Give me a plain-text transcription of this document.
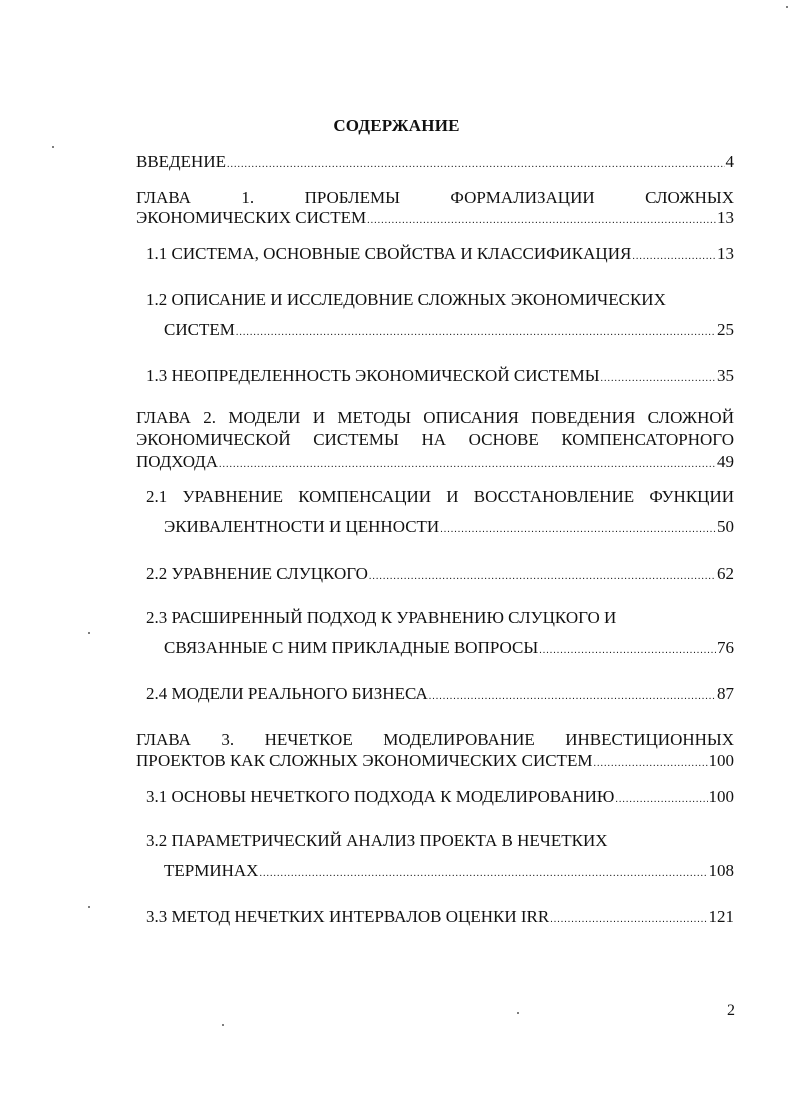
СОДЕРЖАНИЕ
ВВЕДЕНИЕ .....	4
ГЛАВА 1. ПРОБЛЕМЫ ФОРМАЛИЗАЦИИ СЛОЖНЫХ
ЭКОНОМИЧЕСКИХ СИСТЕМ .....	13
1.1 СИСТЕМА, ОСНОВНЫЕ СВОЙСТВА И КЛАССИФИКАЦИЯ .....	13
1.2 ОПИСАНИЕ И ИССЛЕДОВНИЕ СЛОЖНЫХ ЭКОНОМИЧЕСКИХ
СИСТЕМ .....	25
1.3 НЕОПРЕДЕЛЕННОСТЬ ЭКОНОМИЧЕСКОЙ СИСТЕМЫ .....	35
ГЛАВА 2. МОДЕЛИ И МЕТОДЫ ОПИСАНИЯ ПОВЕДЕНИЯ СЛОЖНОЙ
ЭКОНОМИЧЕСКОЙ СИСТЕМЫ НА ОСНОВЕ КОМПЕНСАТОРНОГО
ПОДХОДА .....	49
2.1 УРАВНЕНИЕ КОМПЕНСАЦИИ И ВОССТАНОВЛЕНИЕ ФУНКЦИИ
ЭКИВАЛЕНТНОСТИ И ЦЕННОСТИ .....	50
2.2 УРАВНЕНИЕ СЛУЦКОГО .....	62
2.3 РАСШИРЕННЫЙ ПОДХОД К УРАВНЕНИЮ СЛУЦКОГО И
СВЯЗАННЫЕ С НИМ ПРИКЛАДНЫЕ ВОПРОСЫ .....	76
2.4 МОДЕЛИ РЕАЛЬНОГО БИЗНЕСА .....	87
ГЛАВА 3. НЕЧЕТКОЕ МОДЕЛИРОВАНИЕ ИНВЕСТИЦИОННЫХ
ПРОЕКТОВ КАК СЛОЖНЫХ ЭКОНОМИЧЕСКИХ СИСТЕМ .....	100
3.1 ОСНОВЫ НЕЧЕТКОГО ПОДХОДА К МОДЕЛИРОВАНИЮ .....	100
3.2 ПАРАМЕТРИЧЕСКИЙ АНАЛИЗ ПРОЕКТА В НЕЧЕТКИХ
ТЕРМИНАХ .....	108
3.3 МЕТОД НЕЧЕТКИХ ИНТЕРВАЛОВ ОЦЕНКИ IRR .....	121
2
